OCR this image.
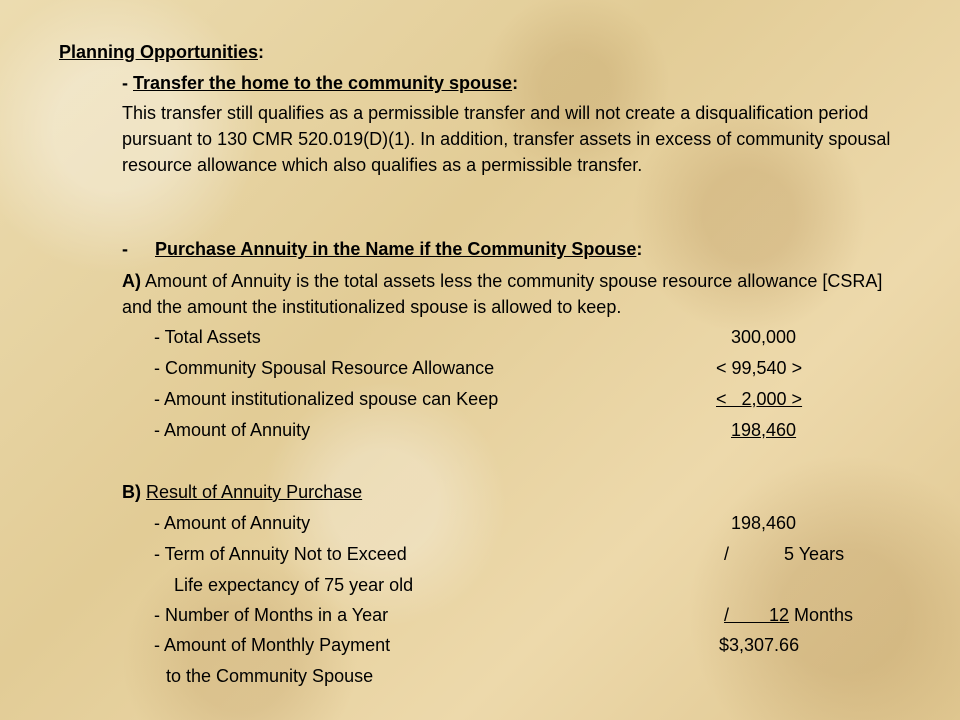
Planning Opportunities:
- Transfer the home to the community spouse:
This transfer still qualifies as a permissible transfer and will not create a disqualification period pursuant to 130 CMR 520.019(D)(1). In addition, transfer assets in excess of community spousal resource allowance which also qualifies as a permissible transfer.
- Purchase Annuity in the Name if the Community Spouse:
A) Amount of Annuity is the total assets less the community spouse resource allowance [CSRA] and the amount the institutionalized spouse is allowed to keep.
- Total Assets	300,000
- Community Spousal Resource Allowance	< 99,540 >
- Amount institutionalized spouse can Keep	<   2,000 >
- Amount of Annuity	198,460
B) Result of Annuity Purchase
- Amount of Annuity	198,460
- Term of Annuity Not to Exceed	/           5 Years
Life expectancy of 75 year old
- Number of Months in a Year	/        12 Months
- Amount of Monthly Payment	$3,307.66
to the Community Spouse
